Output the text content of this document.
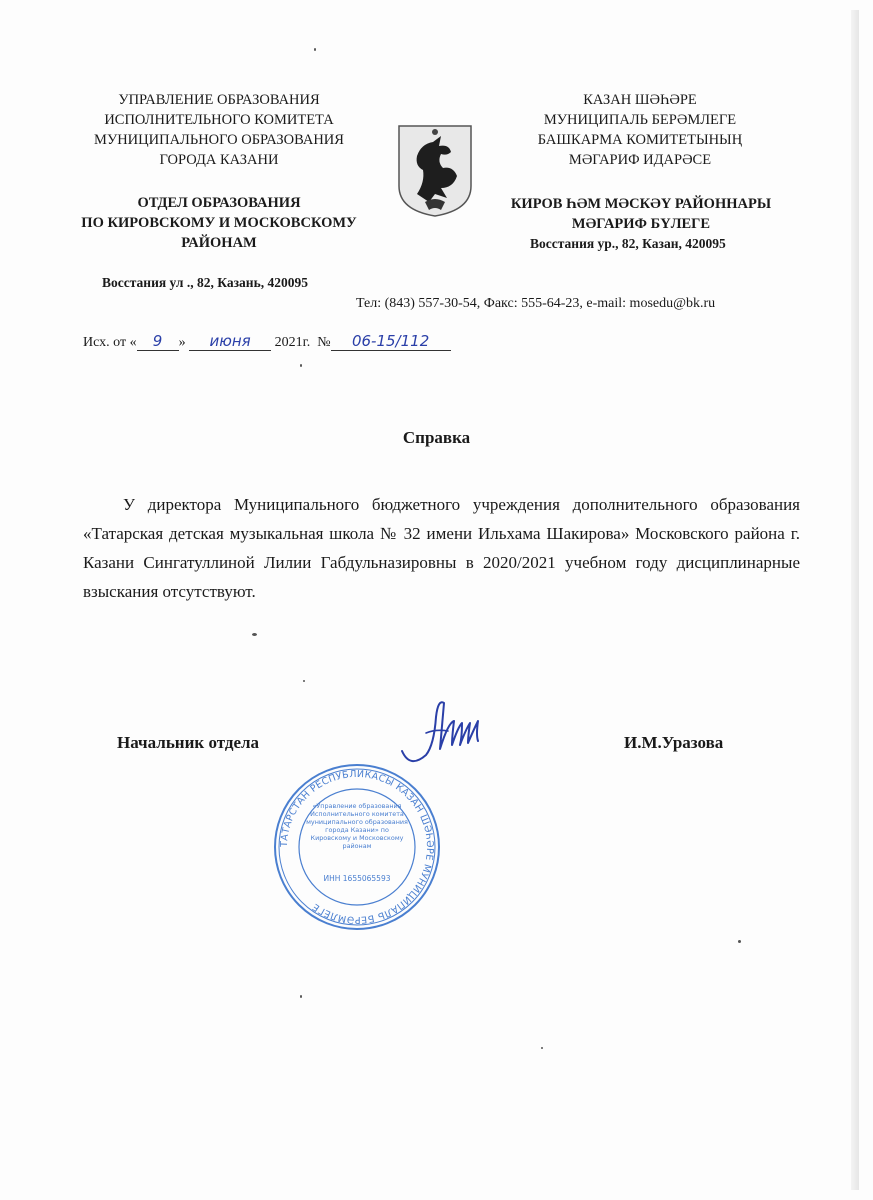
УПРАВЛЕНИЕ ОБРАЗОВАНИЯ
ИСПОЛНИТЕЛЬНОГО КОМИТЕТА
МУНИЦИПАЛЬНОГО ОБРАЗОВАНИЯ
ГОРОДА КАЗАНИ
ОТДЕЛ ОБРАЗОВАНИЯ
ПО КИРОВСКОМУ И МОСКОВСКОМУ
РАЙОНАМ
Восстания ул ., 82, Казань, 420095
КАЗАН ШӘҺӘРЕ
МУНИЦИПАЛЬ БЕРӘМЛЕГЕ
БАШКАРМА КОМИТЕТЫНЫҢ
МӘГАРИФ ИДАРӘСЕ
КИРОВ ҺӘМ МӘСКӘҮ РАЙОННАРЫ
МӘГАРИФ БҮЛЕГЕ
Восстания ур., 82, Казан, 420095
Тел: (843) 557-30-54, Факс: 555-64-23, e-mail: mosedu@bk.ru
Исх. от « 9 » июня 2021г. № 06-15/112
Справка
У директора Муниципального бюджетного учреждения дополнительного образования «Татарская детская музыкальная школа № 32 имени Ильхама Шакирова» Московского района г. Казани Сингатуллиной Лилии Габдульназировны в 2020/2021 учебном году дисциплинарные взыскания отсутствуют.
Начальник отдела	И.М.Уразова
ТАТАРСТАН РЕСПУБЛИКАСЫ КАЗАН ШӘҺӘРЕ МУНИЦИПАЛЬ БЕРӘМЛЕГЕ
«Управление образования Исполнительного комитета муниципального образования города Казани» по Кировскому и Московскому районам
ИНН 1655065593
